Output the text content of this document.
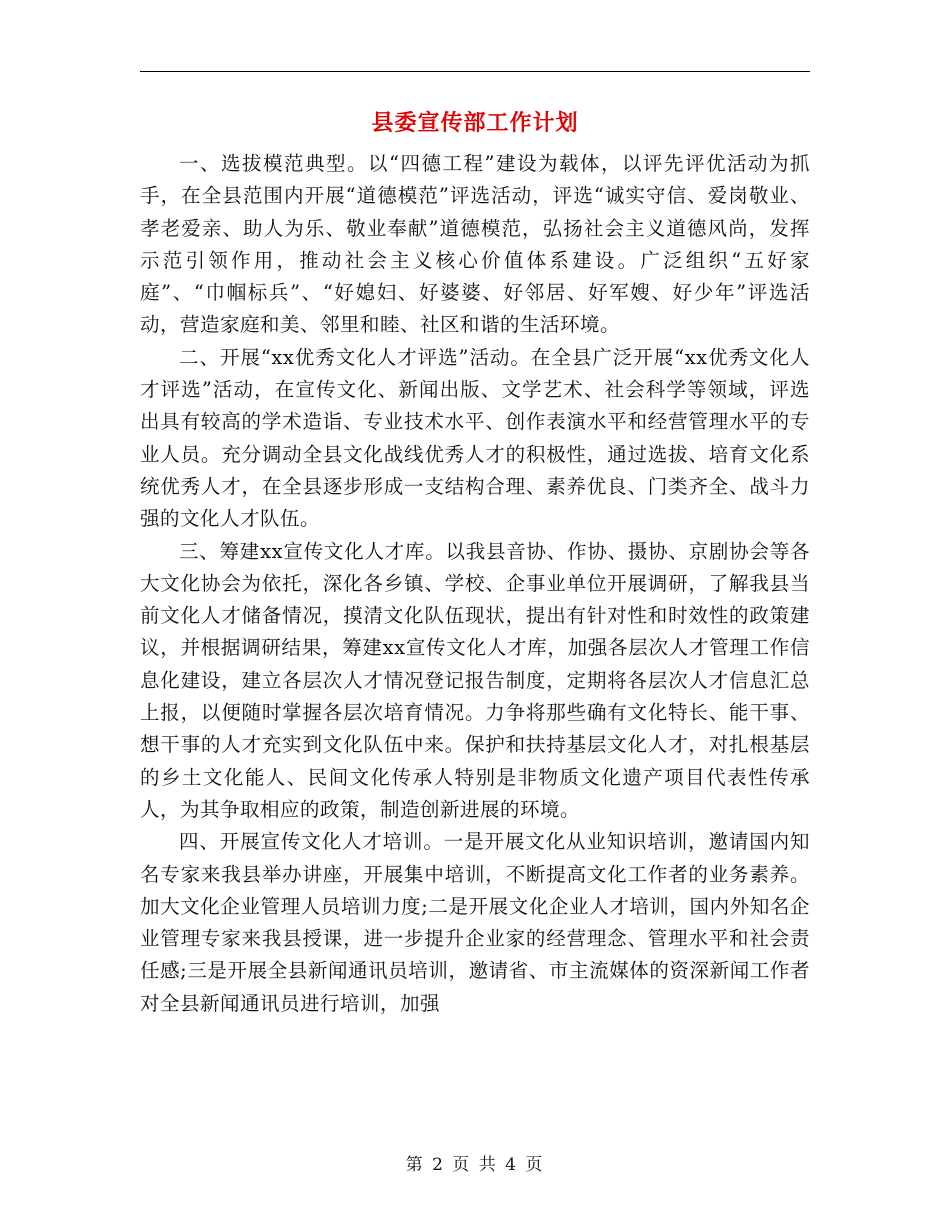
县委宣传部工作计划

一、选拔模范典型。以“四德工程”建设为载体，以评先评优活动为抓手，在全县范围内开展“道德模范”评选活动，评选“诚实守信、爱岗敬业、孝老爱亲、助人为乐、敬业奉献”道德模范，弘扬社会主义道德风尚，发挥示范引领作用，推动社会主义核心价值体系建设。广泛组织“五好家庭”、“巾帼标兵”、“好媳妇、好婆婆、好邻居、好军嫂、好少年”评选活动，营造家庭和美、邻里和睦、社区和谐的生活环境。

二、开展“xx优秀文化人才评选”活动。在全县广泛开展“xx优秀文化人才评选”活动，在宣传文化、新闻出版、文学艺术、社会科学等领域，评选出具有较高的学术造诣、专业技术水平、创作表演水平和经营管理水平的专业人员。充分调动全县文化战线优秀人才的积极性，通过选拔、培育文化系统优秀人才，在全县逐步形成一支结构合理、素养优良、门类齐全、战斗力强的文化人才队伍。

三、筹建xx宣传文化人才库。以我县音协、作协、摄协、京剧协会等各大文化协会为依托，深化各乡镇、学校、企事业单位开展调研，了解我县当前文化人才储备情况，摸清文化队伍现状，提出有针对性和时效性的政策建议，并根据调研结果，筹建xx宣传文化人才库，加强各层次人才管理工作信息化建设，建立各层次人才情况登记报告制度，定期将各层次人才信息汇总上报，以便随时掌握各层次培育情况。力争将那些确有文化特长、能干事、想干事的人才充实到文化队伍中来。保护和扶持基层文化人才，对扎根基层的乡土文化能人、民间文化传承人特别是非物质文化遗产项目代表性传承人，为其争取相应的政策，制造创新进展的环境。

四、开展宣传文化人才培训。一是开展文化从业知识培训，邀请国内知名专家来我县举办讲座，开展集中培训，不断提高文化工作者的业务素养。加大文化企业管理人员培训力度;二是开展文化企业人才培训，国内外知名企业管理专家来我县授课，进一步提升企业家的经营理念、管理水平和社会责任感;三是开展全县新闻通讯员培训，邀请省、市主流媒体的资深新闻工作者对全县新闻通讯员进行培训，加强

第 2 页 共 4 页
